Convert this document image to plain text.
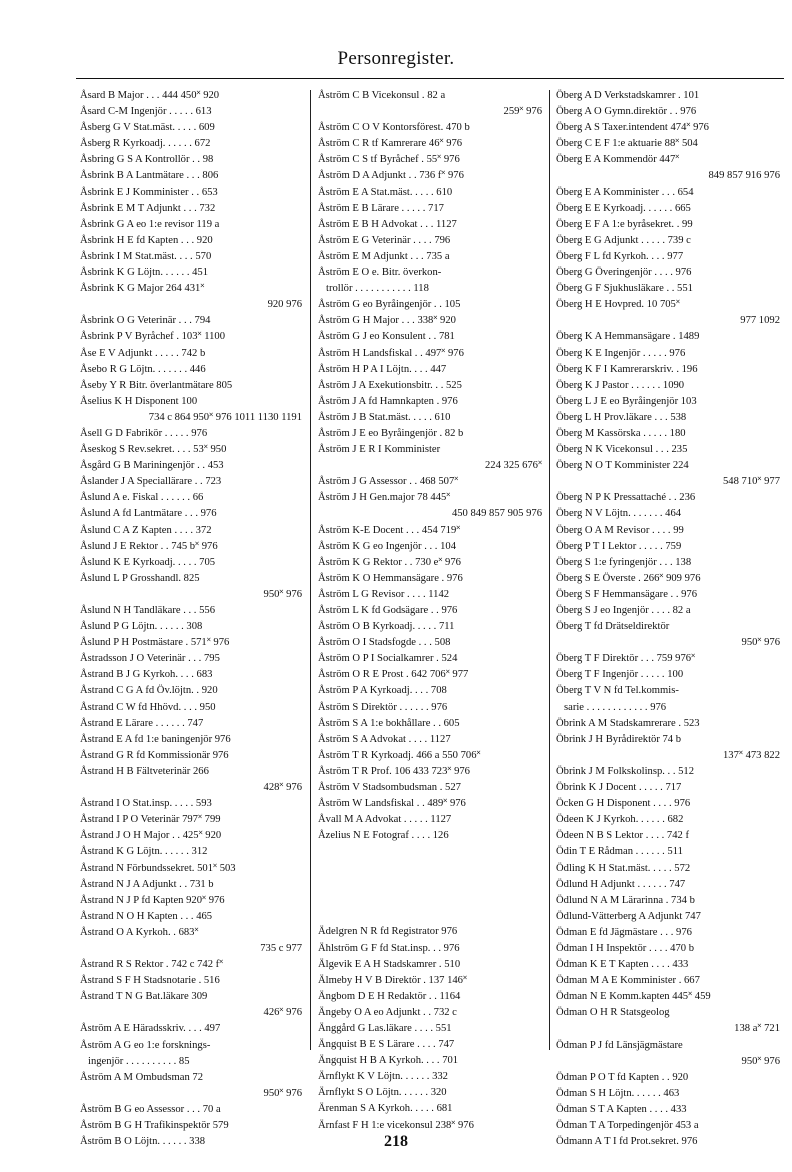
Personregister.
Åsard B Major . . . 444 450˟ 920
Åsard C-M Ingenjör . . . . . 613
Åsberg G V Stat.mäst. . . . . 609
Åsberg R Kyrkoadj. . . . . . 672
Åsbring G S A Kontrollör . . 98
Åsbrink B A Lantmätare . . . 806
Åsbrink E J Komminister . . 653
Åsbrink E M T Adjunkt . . . 732
Åsbrink G A eo 1:e revisor 119 a
Åsbrink H E fd Kapten . . . 920
Åsbrink I M Stat.mäst. . . . 570
Åsbrink K G Löjtn. . . . . . 451
Åsbrink K G Major 264 431˟
920 976
Åsbrink O G Veterinär . . . 794
Åsbrink P V Byråchef . 103˟ 1100
Åse E V Adjunkt . . . . . 742 b
Åsebo R G Löjtn. . . . . . . 446
Åseby Y R Bitr. överlantmätare 805
Åselius K H Disponent 100
734 c 864 950˟ 976 1011 1130 1191
Åsell G D Fabrikör . . . . . 976
Åseskog S Rev.sekret. . . . 53˟ 950
Åsgård G B Mariningenjör . . 453
Åslander J A Speciallärare . . 723
Åslund A e. Fiskal . . . . . . 66
Åslund A fd Lantmätare . . . 976
Åslund C A Z Kapten . . . . 372
Åslund J E Rektor . . 745 b˟ 976
Åslund K E Kyrkoadj. . . . . 705
Åslund L P Grosshandl. 825
950˟ 976
Åslund N H Tandläkare . . . 556
Åslund P G Löjtn. . . . . . 308
Åslund P H Postmästare . 571˟ 976
Åstradsson J O Veterinär . . . 795
Åstrand B J G Kyrkoh. . . . 683
Åstrand C G A fd Öv.löjtn. . 920
Åstrand C W fd Hhövd. . . . 950
Åstrand E Lärare . . . . . . 747
Åstrand E A fd 1:e baningenjör 976
Åstrand G R fd Kommissionär 976
Åstrand H B Fältveterinär 266
428˟ 976
Åstrand I O Stat.insp. . . . . 593
Åstrand I P O Veterinär 797˟ 799
Åstrand J O H Major . . 425˟ 920
Åstrand K G Löjtn. . . . . . 312
Åstrand N Förbundssekret. 501˟ 503
Åstrand N J A Adjunkt . . 731 b
Åstrand N J P fd Kapten 920˟ 976
Åstrand N O H Kapten . . . 465
Åstrand O A Kyrkoh. . 683˟
735 c 977
Åstrand R S Rektor . 742 c 742 f˟
Åstrand S F H Stadsnotarie . 516
Åstrand T N G Bat.läkare 309
426˟ 976
Åström A E Häradsskriv. . . . 497
Åström A G eo 1:e forsknings-
ingenjör . . . . . . . . . . 85
Åström A M Ombudsman 72
950˟ 976
Åström B G eo Assessor . . . 70 a
Åström B G H Trafikinspektör 579
Åström B O Löjtn. . . . . . 338
Åström C B Vicekonsul . 82 a
259˟ 976
Åström C O V Kontorsförest. 470 b
Åström C R tf Kamrerare 46˟ 976
Åström C S tf Byråchef . 55˟ 976
Åström D A Adjunkt . . 736 f˟ 976
Åström E A Stat.mäst. . . . . 610
Åström E B Lärare . . . . . 717
Åström E B H Advokat . . . 1127
Åström E G Veterinär . . . . 796
Åström E M Adjunkt . . . 735 a
Åström E O e. Bitr. överkon-
trollör . . . . . . . . . . . 118
Åström G eo Byråingenjör . . 105
Åström G H Major . . . 338˟ 920
Åström G J eo Konsulent . . 781
Åström H Landsfiskal . . 497˟ 976
Åström H P A I Löjtn. . . . 447
Åström J A Exekutionsbitr. . . 525
Åström J A fd Hamnkapten . 976
Åström J B Stat.mäst. . . . . 610
Åström J E eo Byråingenjör . 82 b
Åström J E R I Komminister
224 325 676˟
Åström J G Assessor . . 468 507˟
Åström J H Gen.major 78 445˟
450 849 857 905 976
Åström K-E Docent . . . 454 719˟
Åström K G eo Ingenjör . . . 104
Åström K G Rektor . . 730 e˟ 976
Åström K O Hemmansägare . 976
Åström L G Revisor . . . . 1142
Åström L K fd Godsägare . . 976
Åström O B Kyrkoadj. . . . . 711
Åström O I Stadsfogde . . . 508
Åström O P I Socialkamrer . 524
Åström O R E Prost . 642 706˟ 977
Åström P A Kyrkoadj. . . . 708
Åström S Direktör . . . . . . 976
Åström S A 1:e bokhållare . . 605
Åström S A Advokat . . . . 1127
Åström T R Kyrkoadj. 466 a 550 706˟
Åström T R Prof. 106 433 723˟ 976
Åström V Stadsombudsman . 527
Åström W Landsfiskal . . 489˟ 976
Åvall M A Advokat . . . . . 1127
Åzelius N E Fotograf . . . . 126
Ädelgren N R fd Registrator 976
Ählström G F fd Stat.insp. . . 976
Älgevik E A H Stadskamrer . 510
Älmeby H V B Direktör . 137 146˟
Ängbom D E H Redaktör . . 1164
Ängeby O A eo Adjunkt . . 732 c
Änggård G Las.läkare . . . . 551
Ängquist B E S Lärare . . . . 747
Ängquist H B A Kyrkoh. . . . 701
Ärnflykt K V Löjtn. . . . . . 332
Ärnflykt S O Löjtn. . . . . . 320
Ärenman S A Kyrkoh. . . . . 681
Ärnfast F H 1:e vicekonsul 238˟ 976
Öberg A D Verkstadskamrer . 101
Öberg A O Gymn.direktör . . 976
Öberg A S Taxer.intendent 474˟ 976
Öberg C E F 1:e aktuarie 88˟ 504
Öberg E A Kommendör 447˟
849 857 916 976
Öberg E A Komminister . . . 654
Öberg E E Kyrkoadj. . . . . . 665
Öberg E F A 1:e byråsekret. . 99
Öberg E G Adjunkt . . . . . 739 c
Öberg F L fd Kyrkoh. . . . 977
Öberg G Överingenjör . . . . 976
Öberg G F Sjukhusläkare . . 551
Öberg H E Hovpred. 10 705˟
977 1092
Öberg K A Hemmansägare . 1489
Öberg K E Ingenjör . . . . . 976
Öberg K F I Kamrerarskriv. . 196
Öberg K J Pastor . . . . . . 1090
Öberg L J E eo Byråingenjör 103
Öberg L H Prov.läkare . . . 538
Öberg M Kassörska . . . . . 180
Öberg N K Vicekonsul . . . 235
Öberg N O T Komminister 224
548 710˟ 977
Öberg N P K Pressattaché . . 236
Öberg N V Löjtn. . . . . . . 464
Öberg O A M Revisor . . . . 99
Öberg P T I Lektor . . . . . 759
Öberg S 1:e fyringenjör . . . 138
Öberg S E Överste . 266˟ 909 976
Öberg S F Hemmansägare . . 976
Öberg S J eo Ingenjör . . . . 82 a
Öberg T fd Drätseldirektör
950˟ 976
Öberg T F Direktör . . . 759 976˟
Öberg T F Ingenjör . . . . . 100
Öberg T V N fd Tel.kommis-
sarie . . . . . . . . . . . . 976
Öbrink A M Stadskamrerare . 523
Öbrink J H Byrådirektör 74 b
137˟ 473 822
Öbrink J M Folkskolinsp. . . 512
Öbrink K J Docent . . . . . 717
Öcken G H Disponent . . . . 976
Ödeen K J Kyrkoh. . . . . . 682
Ödeen N B S Lektor . . . . 742 f
Ödin T E Rådman . . . . . . 511
Ödling K H Stat.mäst. . . . . 572
Ödlund H Adjunkt . . . . . . 747
Ödlund N A M Lärarinna . 734 b
Ödlund-Vätterberg A Adjunkt 747
Ödman E fd Jägmästare . . . 976
Ödman I H Inspektör . . . . 470 b
Ödman K E T Kapten . . . . 433
Ödman M A E Komminister . 667
Ödman N E Komm.kapten 445˟ 459
Ödman O H R Statsgeolog
138 a˟ 721
Ödman P J fd Länsjägmästare
950˟ 976
Ödman P O T fd Kapten . . 920
Ödman S H Löjtn. . . . . . 463
Ödman S T A Kapten . . . . 433
Ödman T A Torpedingenjör 453 a
Ödmann A T I fd Prot.sekret. 976
218
